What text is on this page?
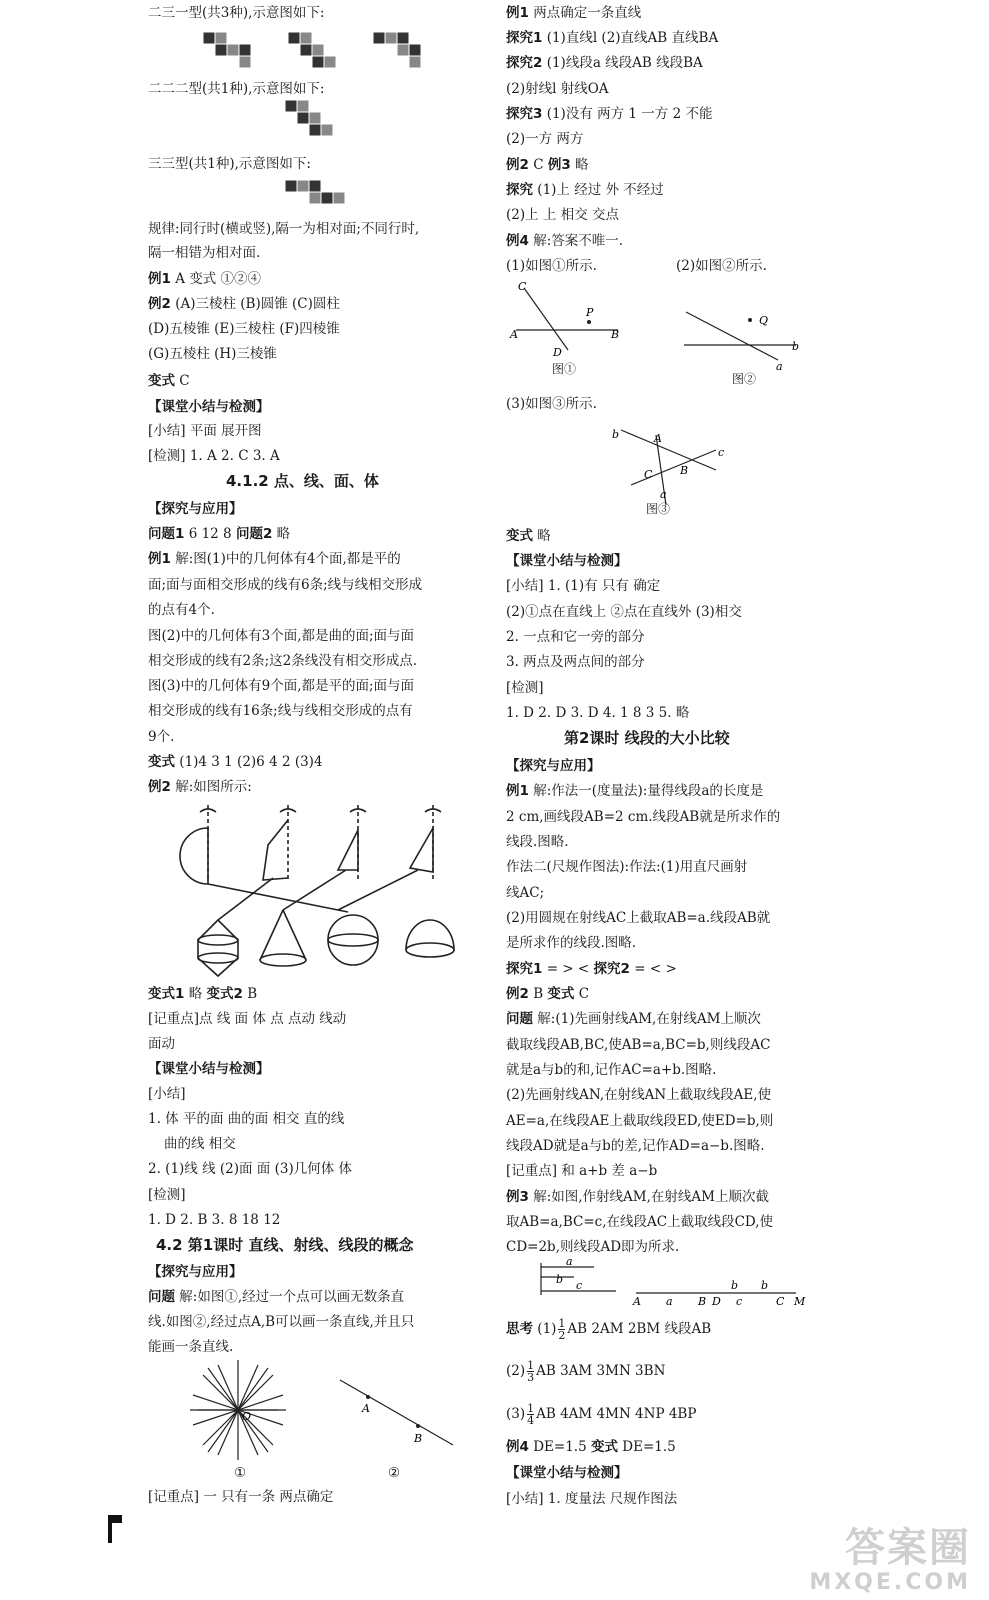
二三一型(共3种),示意图如下:
二二二型(共1种),示意图如下:
三三型(共1种),示意图如下:
规律:同行时(横或竖),隔一为相对面;不同行时,
隔一相错为相对面.
例1 A 变式 ①②④
例2 (A)三棱柱 (B)圆锥 (C)圆柱
(D)五棱锥 (E)三棱柱 (F)四棱锥
(G)五棱柱 (H)三棱锥
变式 C
【课堂小结与检测】
[小结] 平面 展开图
[检测] 1. A 2. C 3. A
4.1.2 点、线、面、体
【探究与应用】
问题1 6 12 8 问题2 略
例1 解:图(1)中的几何体有4个面,都是平的
面;面与面相交形成的线有6条;线与线相交形成
的点有4个.
图(2)中的几何体有3个面,都是曲的面;面与面
相交形成的线有2条;这2条线没有相交形成点.
图(3)中的几何体有9个面,都是平的面;面与面
相交形成的线有16条;线与线相交形成的点有
9个.
变式 (1)4 3 1 (2)6 4 2 (3)4
例2 解:如图所示:
变式1 略 变式2 B
[记重点]点 线 面 体 点 点动 线动
面动
【课堂小结与检测】
[小结]
1. 体 平的面 曲的面 相交 直的线
曲的线 相交
2. (1)线 线 (2)面 面 (3)几何体 体
[检测]
1. D 2. B 3. 8 18 12
4.2 第1课时 直线、射线、线段的概念
【探究与应用】
问题 解:如图①,经过一个点可以画无数条直
线.如图②,经过点A,B可以画一条直线,并且只
能画一条直线.
O
A
B
①	②
[记重点] 一 只有一条 两点确定
例1 两点确定一条直线
探究1 (1)直线l (2)直线AB 直线BA
探究2 (1)线段a 线段AB 线段BA
(2)射线l 射线OA
探究3 (1)没有 两方 1 一方 2 不能
(2)一方 两方
例2 C 例3 略
探究 (1)上 经过 外 不经过
(2)上 上 相交 交点
例4 解:答案不唯一.
(1)如图①所示.	(2)如图②所示.
C
P
A	B
D
Q
b
a
图①
图②
(3)如图③所示.
b	A
C	B
c
a
图③
变式 略
【课堂小结与检测】
[小结] 1. (1)有 只有 确定
(2)①点在直线上 ②点在直线外 (3)相交
2. 一点和它一旁的部分
3. 两点及两点间的部分
[检测]
1. D 2. D 3. D 4. 1 8 3 5. 略
第2课时 线段的大小比较
【探究与应用】
例1 解:作法一(度量法):量得线段a的长度是
2 cm,画线段AB=2 cm.线段AB就是所求作的
线段.图略.
作法二(尺规作图法):作法:(1)用直尺画射
线AC;
(2)用圆规在射线AC上截取AB=a.线段AB就
是所求作的线段.图略.
探究1 = > < 探究2 = < >
例2 B 变式 C
问题 解:(1)先画射线AM,在射线AM上顺次
截取线段AB,BC,使AB=a,BC=b,则线段AC
就是a与b的和,记作AC=a+b.图略.
(2)先画射线AN,在射线AN上截取线段AE,使
AE=a,在线段AE上截取线段ED,使ED=b,则
线段AD就是a与b的差,记作AD=a−b.图略.
[记重点] 和 a+b 差 a−b
例3 解:如图,作射线AM,在射线AM上顺次截
取AB=a,BC=c,在线段AC上截取线段CD,使
CD=2b,则线段AD即为所求.
a
b c
A a B D c	C M
b b
思考 $(1) \frac{1}{2}$ AB 2AM 2BM 线段AB
$(2) \frac{1}{3}$ AB 3AM 3MN 3BN
$(3) \frac{1}{4}$ AB 4AM 4MN 4NP 4BP
例4 DE=1.5 变式 DE=1.5
【课堂小结与检测】
[小结] 1. 度量法 尺规作图法
答案圈
MXQE.COM
